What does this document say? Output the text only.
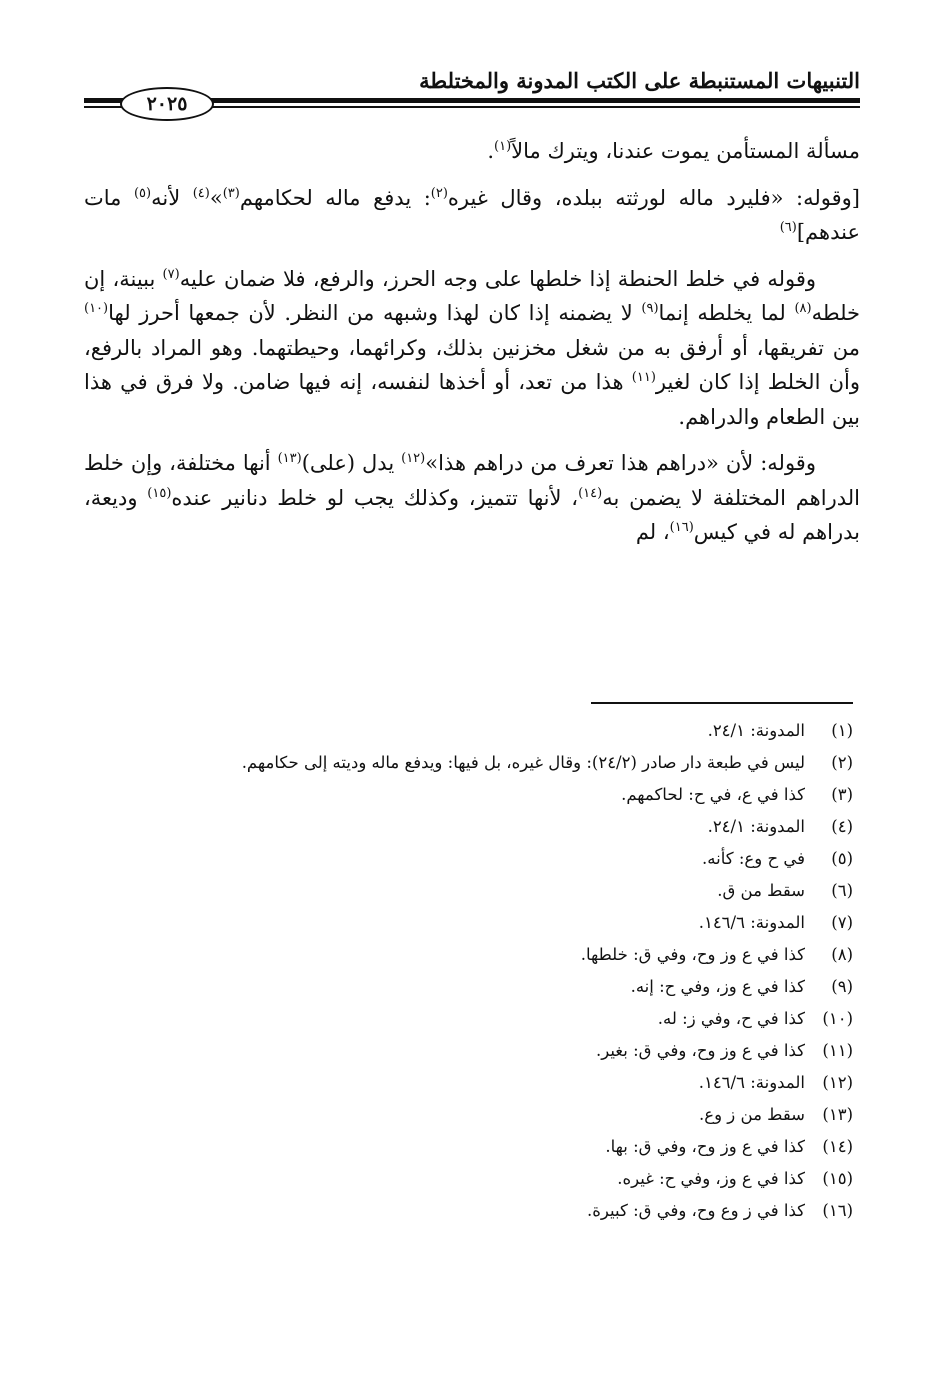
التنبيهات المستنبطة على الكتب المدونة والمختلطة
٢٠٢٥

مسألة المستأمن يموت عندنا، ويترك مالاً$^{(١)}$.

[وقوله: «فليرد ماله لورثته ببلده، وقال غيره$^{(٢)}$: يدفع ماله لحكامهم$^{(٣)}$»$^{(٤)}$ لأنه$^{(٥)}$ مات عندهم]$^{(٦)}$

وقوله في خلط الحنطة إذا خلطها على وجه الحرز، والرفع، فلا ضمان عليه$^{(٧)}$ ببينة، إن خلطه$^{(٨)}$ لما يخلطه إنما$^{(٩)}$ لا يضمنه إذا كان لهذا وشبهه من النظر. لأن جمعها أحرز لها$^{(١٠)}$ من تفريقها، أو أرفق به من شغل مخزنين بذلك، وكرائهما، وحيطتهما. وهو المراد بالرفع، وأن الخلط إذا كان لغير$^{(١١)}$ هذا من تعد، أو أخذها لنفسه، إنه فيها ضامن. ولا فرق في هذا بين الطعام والدراهم.

وقوله: لأن «دراهم هذا تعرف من دراهم هذا»$^{(١٢)}$ يدل (على)$^{(١٣)}$ أنها مختلفة، وإن خلط الدراهم المختلفة لا يضمن به$^{(١٤)}$، لأنها تتميز، وكذلك يجب لو خلط دنانير عنده$^{(١٥)}$ وديعة، بدراهم له في كيس$^{(١٦)}$، لم

(١)
المدونة: ٢٤/١.
(٢)
ليس في طبعة دار صادر (٢٤/٢): وقال غيره، بل فيها: ويدفع ماله وديته إلى حكامهم.
(٣)
كذا في ع، في ح: لحاكمهم.
(٤)
المدونة: ٢٤/١.
(٥)
في ح وع: كأنه.
(٦)
سقط من ق.
(٧)
المدونة: ١٤٦/٦.
(٨)
كذا في ع وز وح، وفي ق: خلطها.
(٩)
كذا في ع وز، وفي ح: إنه.
(١٠)
كذا في ح، وفي ز: له.
(١١)
كذا في ع وز وح، وفي ق: بغير.
(١٢)
المدونة: ١٤٦/٦.
(١٣)
سقط من ز وع.
(١٤)
كذا في ع وز وح، وفي ق: بها.
(١٥)
كذا في ع وز، وفي ح: غيره.
(١٦)
كذا في ز وع وح، وفي ق: كبيرة.
